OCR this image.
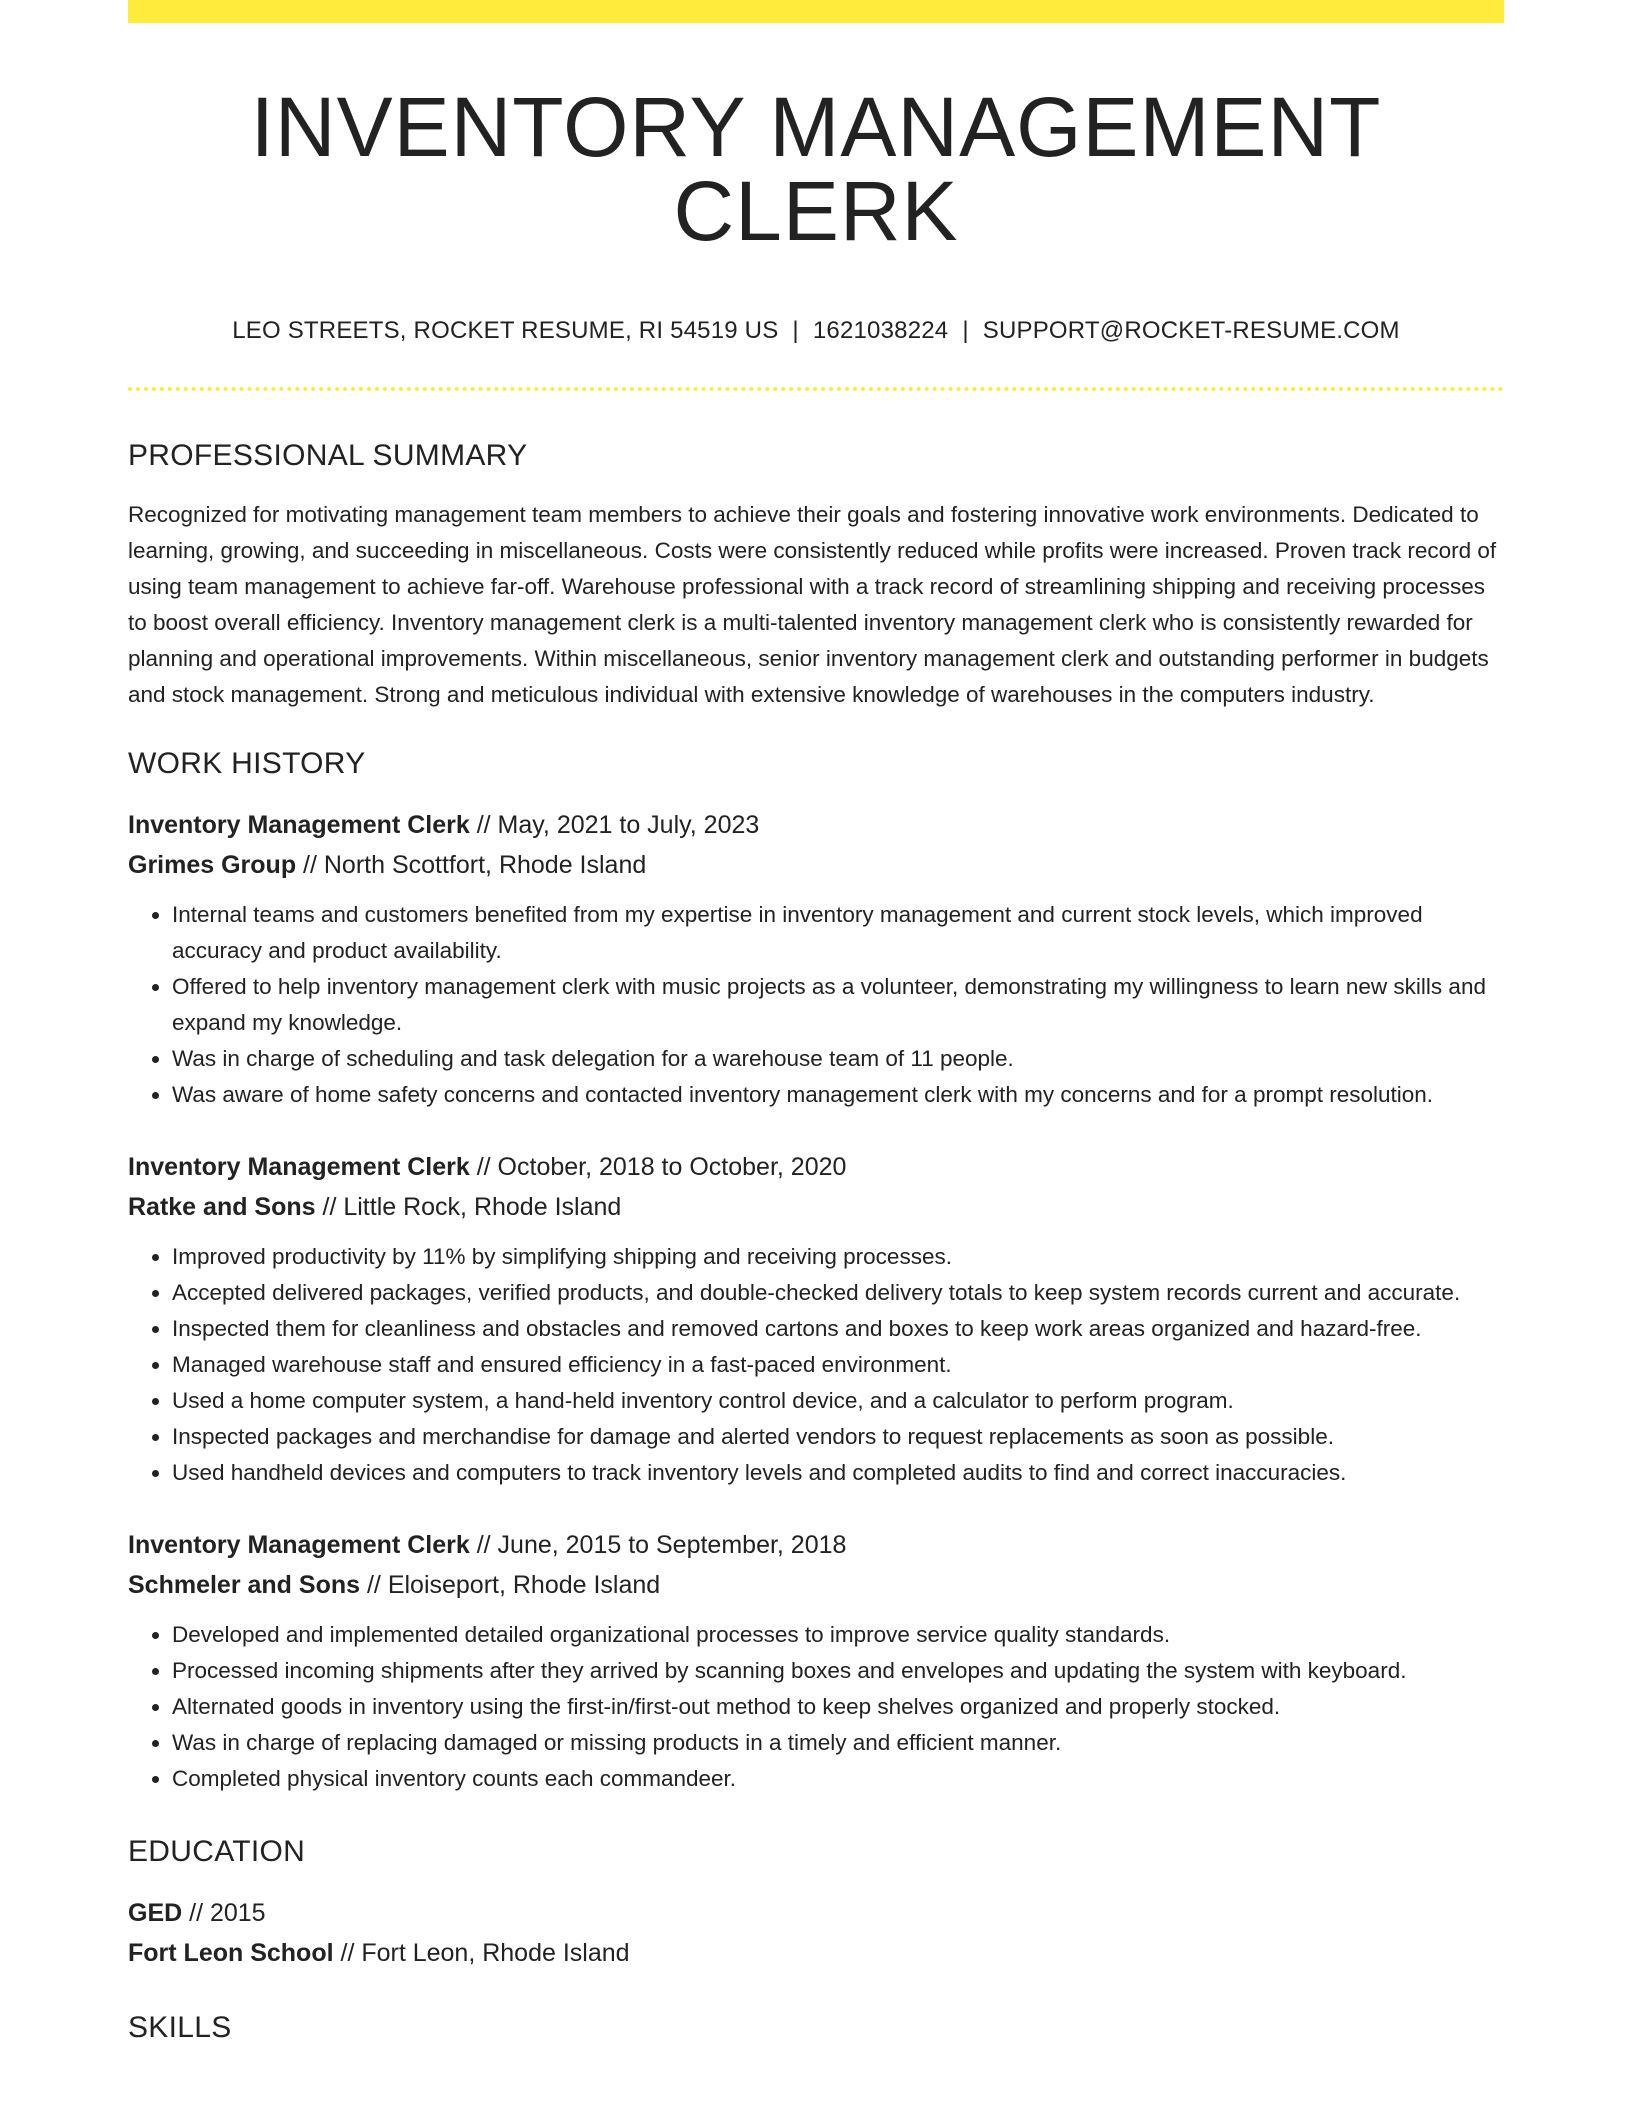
INVENTORY MANAGEMENT CLERK
LEO STREETS, ROCKET RESUME, RI 54519 US | 1621038224 | SUPPORT@ROCKET-RESUME.COM
PROFESSIONAL SUMMARY

Recognized for motivating management team members to achieve their goals and fostering innovative work environments. Dedicated to learning, growing, and succeeding in miscellaneous. Costs were consistently reduced while profits were increased. Proven track record of using team management to achieve far-off. Warehouse professional with a track record of streamlining shipping and receiving processes to boost overall efficiency. Inventory management clerk is a multi-talented inventory management clerk who is consistently rewarded for planning and operational improvements. Within miscellaneous, senior inventory management clerk and outstanding performer in budgets and stock management. Strong and meticulous individual with extensive knowledge of warehouses in the computers industry.

WORK HISTORY
Inventory Management Clerk // May, 2021 to July, 2023
Grimes Group // North Scottfort, Rhode Island
• Internal teams and customers benefited from my expertise in inventory management and current stock levels, which improved accuracy and product availability.
• Offered to help inventory management clerk with music projects as a volunteer, demonstrating my willingness to learn new skills and expand my knowledge.
• Was in charge of scheduling and task delegation for a warehouse team of 11 people.
• Was aware of home safety concerns and contacted inventory management clerk with my concerns and for a prompt resolution.
Inventory Management Clerk // October, 2018 to October, 2020
Ratke and Sons // Little Rock, Rhode Island
• Improved productivity by 11% by simplifying shipping and receiving processes.
• Accepted delivered packages, verified products, and double-checked delivery totals to keep system records current and accurate.
• Inspected them for cleanliness and obstacles and removed cartons and boxes to keep work areas organized and hazard-free.
• Managed warehouse staff and ensured efficiency in a fast-paced environment.
• Used a home computer system, a hand-held inventory control device, and a calculator to perform program.
• Inspected packages and merchandise for damage and alerted vendors to request replacements as soon as possible.
• Used handheld devices and computers to track inventory levels and completed audits to find and correct inaccuracies.
Inventory Management Clerk // June, 2015 to September, 2018
Schmeler and Sons // Eloiseport, Rhode Island
• Developed and implemented detailed organizational processes to improve service quality standards.
• Processed incoming shipments after they arrived by scanning boxes and envelopes and updating the system with keyboard.
• Alternated goods in inventory using the first-in/first-out method to keep shelves organized and properly stocked.
• Was in charge of replacing damaged or missing products in a timely and efficient manner.
• Completed physical inventory counts each commandeer.
EDUCATION
GED // 2015
Fort Leon School // Fort Leon, Rhode Island
SKILLS
